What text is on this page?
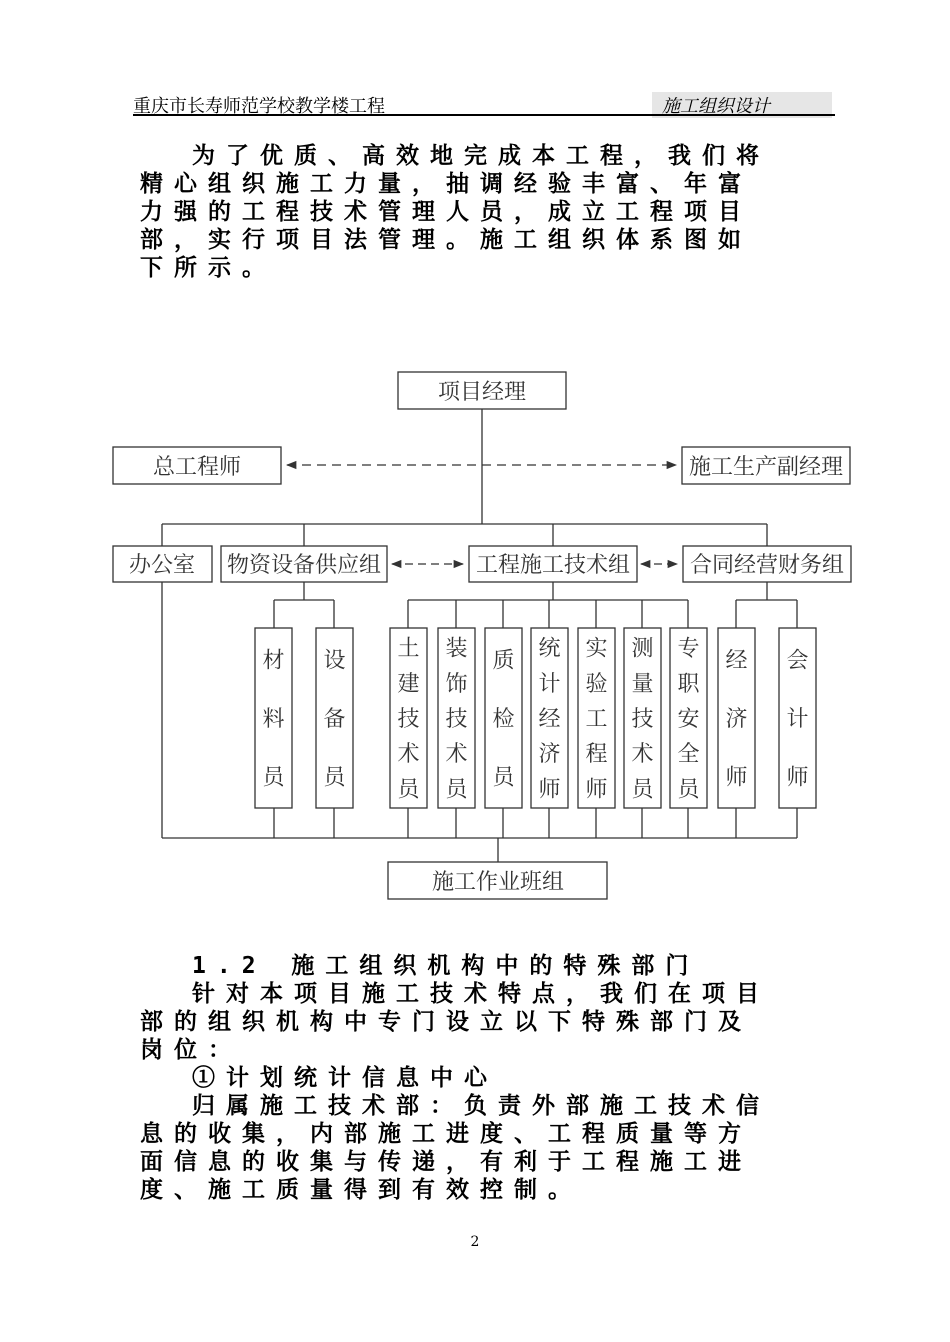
重庆市长寿师范学校教学楼工程	施工组织设计
为了优质、高效地完成本工程，我们将
精心组织施工力量，抽调经验丰富、年富
力强的工程技术管理人员，成立工程项目
部，实行项目法管理。施工组织体系图如
下所示。
项目经理
总工程师	施工生产副经理
办公室 物资设备供应组	工程施工技术组	合同经营财务组
施工作业班组
材
料
员
设
备
员
土
建
技
术
员
装
饰
技
术
员
质
检
员
统
计
经
济
师
实
验
工
程
师
测
量
技
术
员
专
职
安
全
员
经
济
师
会
计
师
1.2 施工组织机构中的特殊部门
针对本项目施工技术特点，我们在项目
部的组织机构中专门设立以下特殊部门及
岗位：
①计划统计信息中心
归属施工技术部：负责外部施工技术信
息的收集，内部施工进度、工程质量等方
面信息的收集与传递，有利于工程施工进
度、施工质量得到有效控制。
2
